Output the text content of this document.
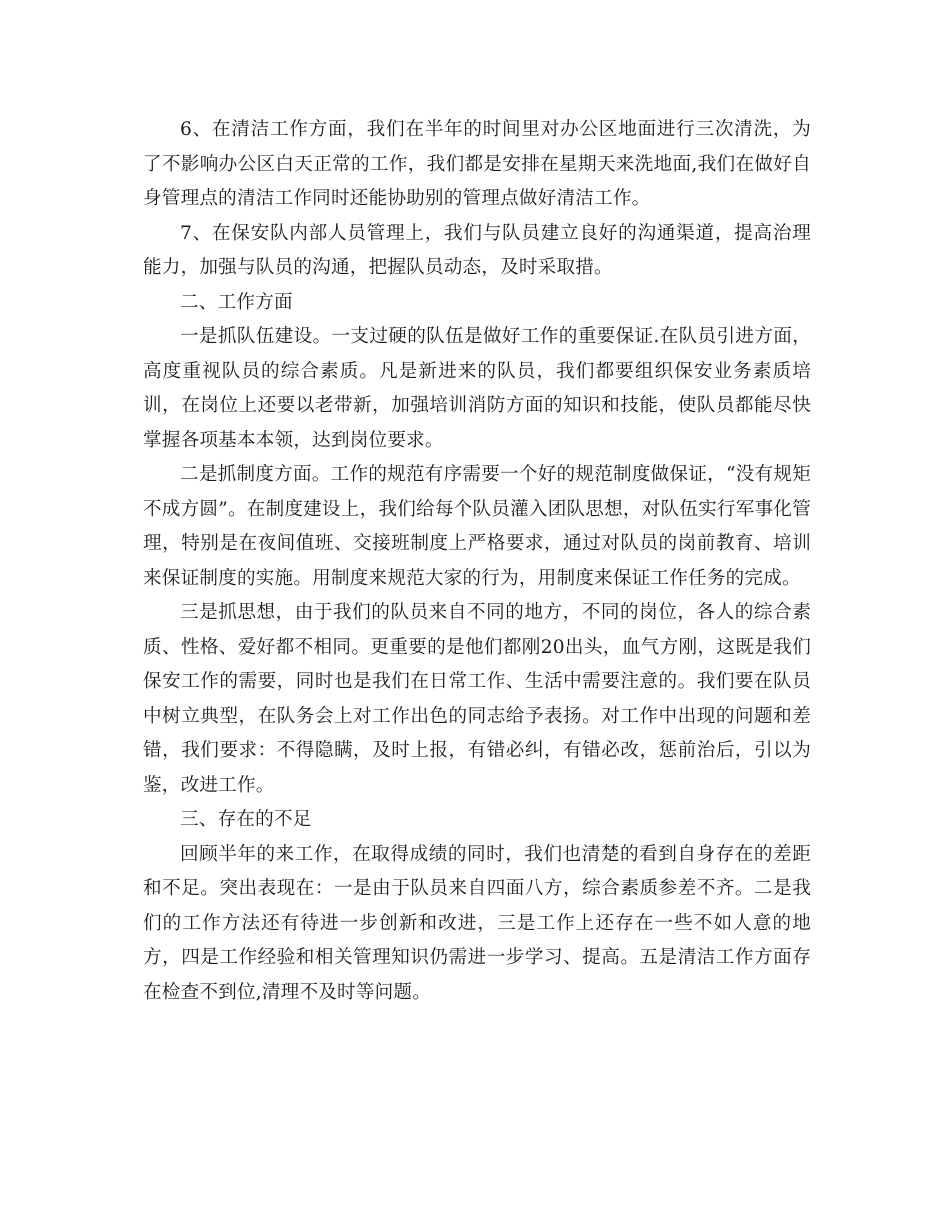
6、在清洁工作方面，我们在半年的时间里对办公区地面进行三次清洗，为了不影响办公区白天正常的工作，我们都是安排在星期天来洗地面,我们在做好自身管理点的清洁工作同时还能协助别的管理点做好清洁工作。

7、在保安队内部人员管理上，我们与队员建立良好的沟通渠道，提高治理能力，加强与队员的沟通，把握队员动态，及时采取措。

二、工作方面

一是抓队伍建设。一支过硬的队伍是做好工作的重要保证.在队员引进方面，高度重视队员的综合素质。凡是新进来的队员，我们都要组织保安业务素质培训，在岗位上还要以老带新，加强培训消防方面的知识和技能，使队员都能尽快掌握各项基本本领，达到岗位要求。

二是抓制度方面。工作的规范有序需要一个好的规范制度做保证，“没有规矩不成方圆”。在制度建设上，我们给每个队员灌入团队思想，对队伍实行军事化管理，特别是在夜间值班、交接班制度上严格要求，通过对队员的岗前教育、培训来保证制度的实施。用制度来规范大家的行为，用制度来保证工作任务的完成。

三是抓思想，由于我们的队员来自不同的地方，不同的岗位，各人的综合素质、性格、爱好都不相同。更重要的是他们都刚20出头，血气方刚，这既是我们保安工作的需要，同时也是我们在日常工作、生活中需要注意的。我们要在队员中树立典型，在队务会上对工作出色的同志给予表扬。对工作中出现的问题和差错，我们要求：不得隐瞒，及时上报，有错必纠，有错必改，惩前治后，引以为鉴，改进工作。

三、存在的不足

回顾半年的来工作，在取得成绩的同时，我们也清楚的看到自身存在的差距和不足。突出表现在：一是由于队员来自四面八方，综合素质参差不齐。二是我们的工作方法还有待进一步创新和改进，三是工作上还存在一些不如人意的地方，四是工作经验和相关管理知识仍需进一步学习、提高。五是清洁工作方面存在检查不到位,清理不及时等问题。
